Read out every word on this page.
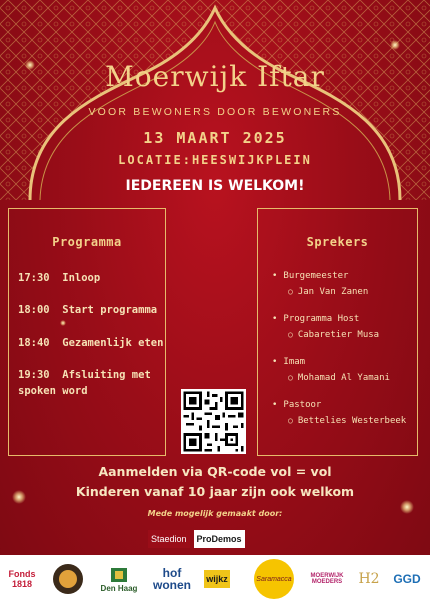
Moerwijk Iftar
VOOR BEWONERS DOOR BEWONERS
13 MAART 2025
LOCATIE:HEESWIJKPLEIN
IEDEREEN IS WELKOM!
Programma
17:30 Inloop
18:00 Start programma
18:40 Gezamenlijk eten
19:30 Afsluiting met spoken word
Sprekers
• Burgemeester
○ Jan Van Zanen
• Programma Host
○ Cabaretier Musa
• Imam
○ Mohamad Al Yamani
• Pastoor
○ Bettelies Westerbeek
Aanmelden via QR-code vol = vol
Kinderen vanaf 10 jaar zijn ook welkom
Mede mogelijk gemaakt door:
Staedion	ProDemos
Fonds 1818	Den Haag
hof wonen	wijkz	Saramacca	MOERWIJK MOEDERS	H2	GGD
